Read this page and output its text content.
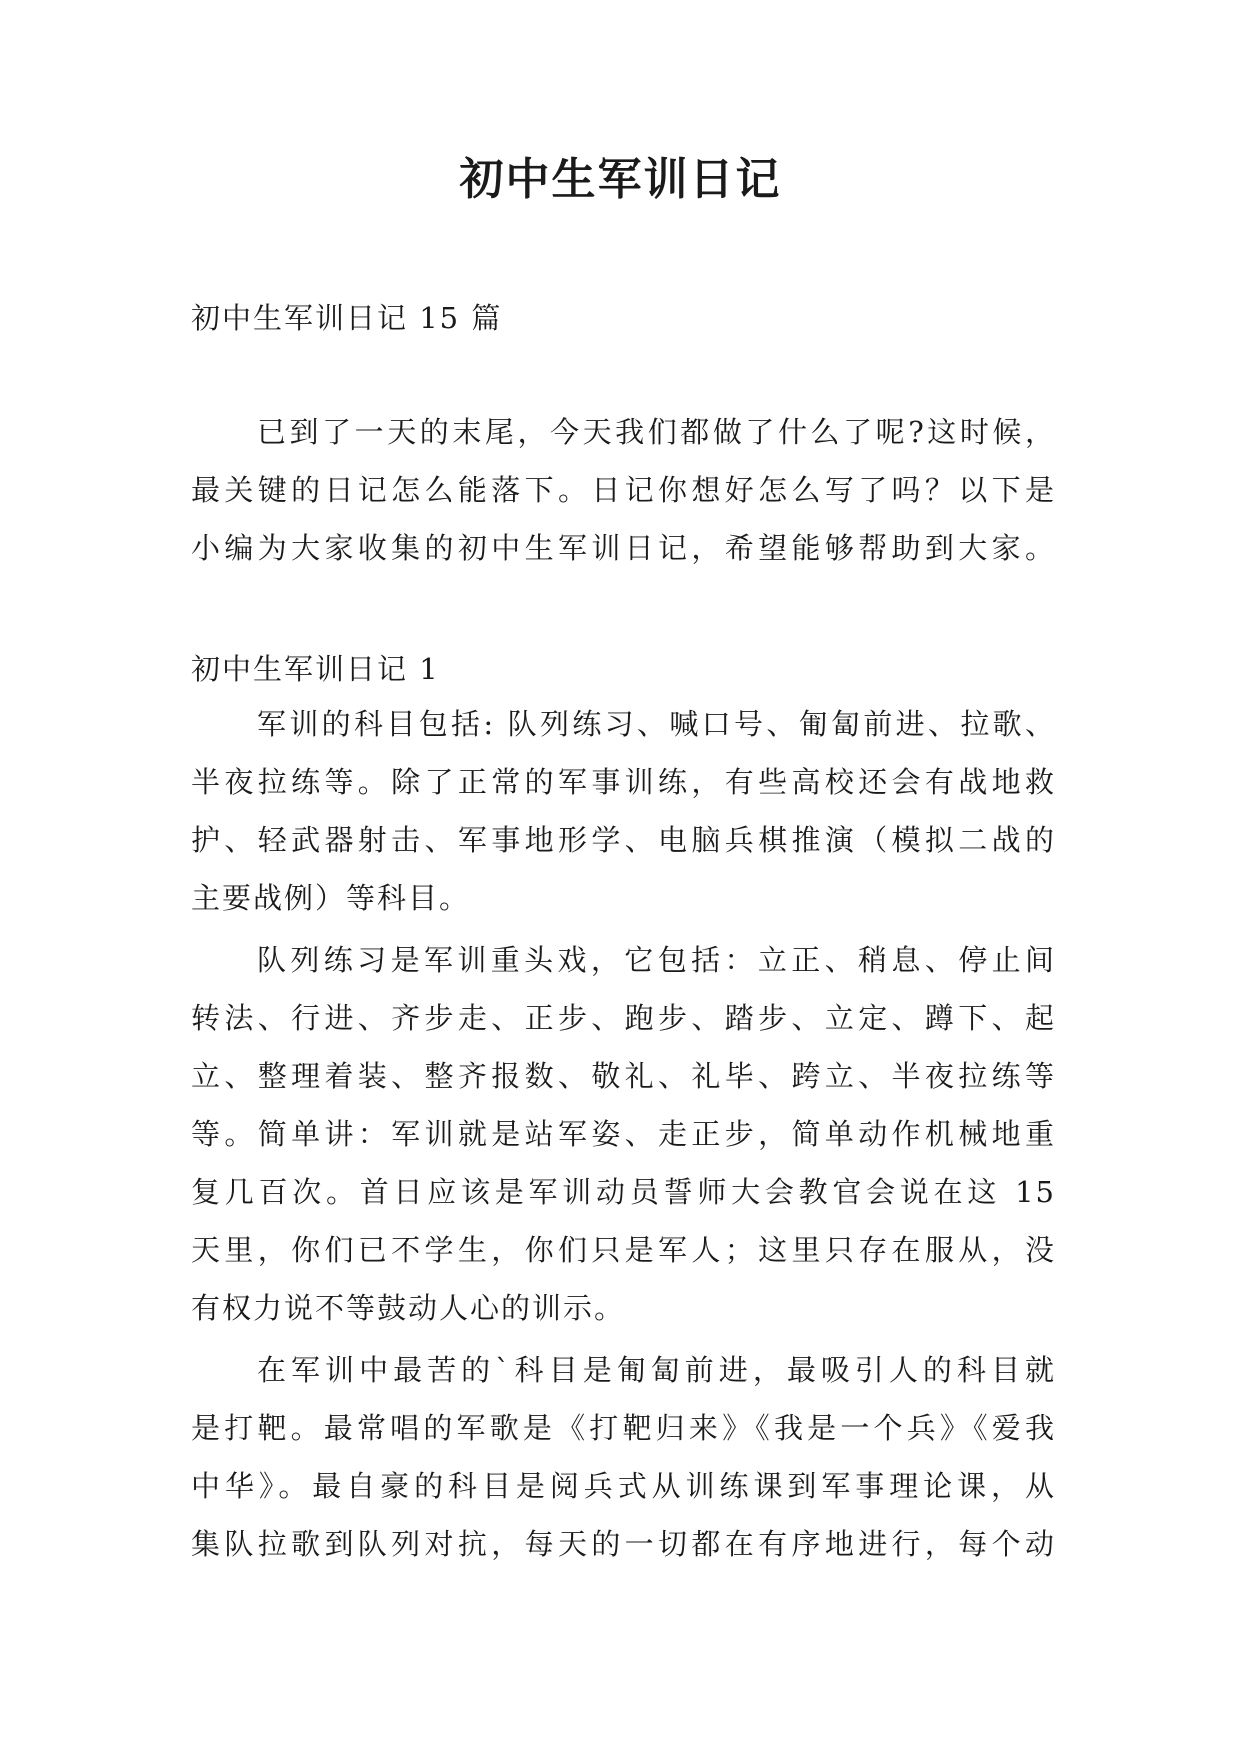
初中生军训日记
初中生军训日记 15 篇
已到了一天的末尾，今天我们都做了什么了呢?这时候，
最关键的日记怎么能落下。日记你想好怎么写了吗？以下是
小编为大家收集的初中生军训日记，希望能够帮助到大家。
初中生军训日记 1
军训的科目包括: 队列练习、喊口号、匍匐前进、拉歌、
半夜拉练等。除了正常的军事训练，有些高校还会有战地救
护、轻武器射击、军事地形学、电脑兵棋推演（模拟二战的
主要战例）等科目。
队列练习是军训重头戏，它包括：立正、稍息、停止间
转法、行进、齐步走、正步、跑步、踏步、立定、蹲下、起
立、整理着装、整齐报数、敬礼、礼毕、跨立、半夜拉练等
等。简单讲：军训就是站军姿、走正步，简单动作机械地重
复几百次。首日应该是军训动员誓师大会教官会说在这 15
天里，你们已不学生，你们只是军人；这里只存在服从，没
有权力说不等鼓动人心的训示。
在军训中最苦的`科目是匍匐前进，最吸引人的科目就
是打靶。最常唱的军歌是《打靶归来》《我是一个兵》《爱我
中华》。最自豪的科目是阅兵式从训练课到军事理论课，从
集队拉歌到队列对抗，每天的一切都在有序地进行，每个动
